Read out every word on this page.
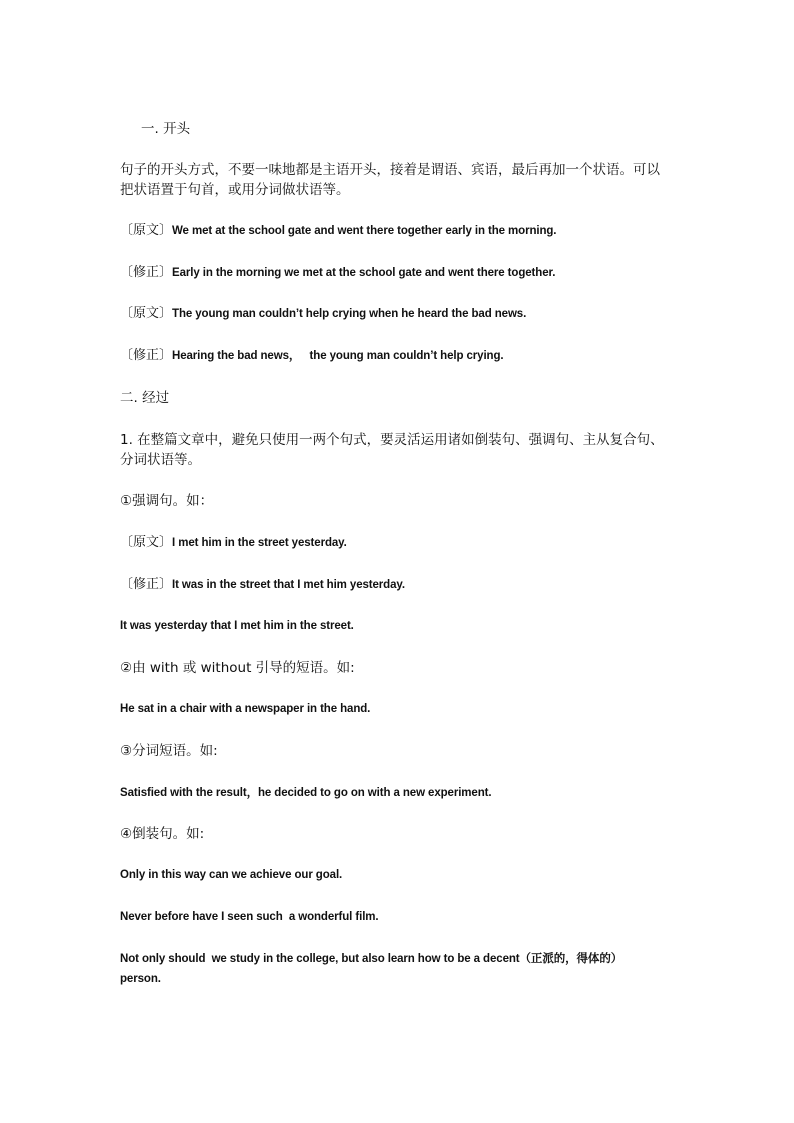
一. 开头
句子的开头方式，不要一味地都是主语开头，接着是谓语、宾语，最后再加一个状语。可以
把状语置于句首，或用分词做状语等。
〔原文〕We met at the school gate and went there together early in the morning.
〔修正〕Early in the morning we met at the school gate and went there together.
〔原文〕The young man couldn’t help crying when he heard the bad news.
〔修正〕Hearing the bad news，   the young man couldn’t help crying.
二. 经过
1. 在整篇文章中，避免只使用一两个句式，要灵活运用诸如倒装句、强调句、主从复合句、
分词状语等。
①强调句。如：
〔原文〕I met him in the street yesterday.
〔修正〕It was in the street that I met him yesterday.
It was yesterday that I met him in the street.
②由 with 或 without 引导的短语。如:
He sat in a chair with a newspaper in the hand.
③分词短语。如:
Satisfied with the result，he decided to go on with a new experiment.
④倒装句。如:
Only in this way can we achieve our goal.
Never before have I seen such  a wonderful film.
Not only should  we study in the college, but also learn how to be a decent（正派的，得体的）
person.
